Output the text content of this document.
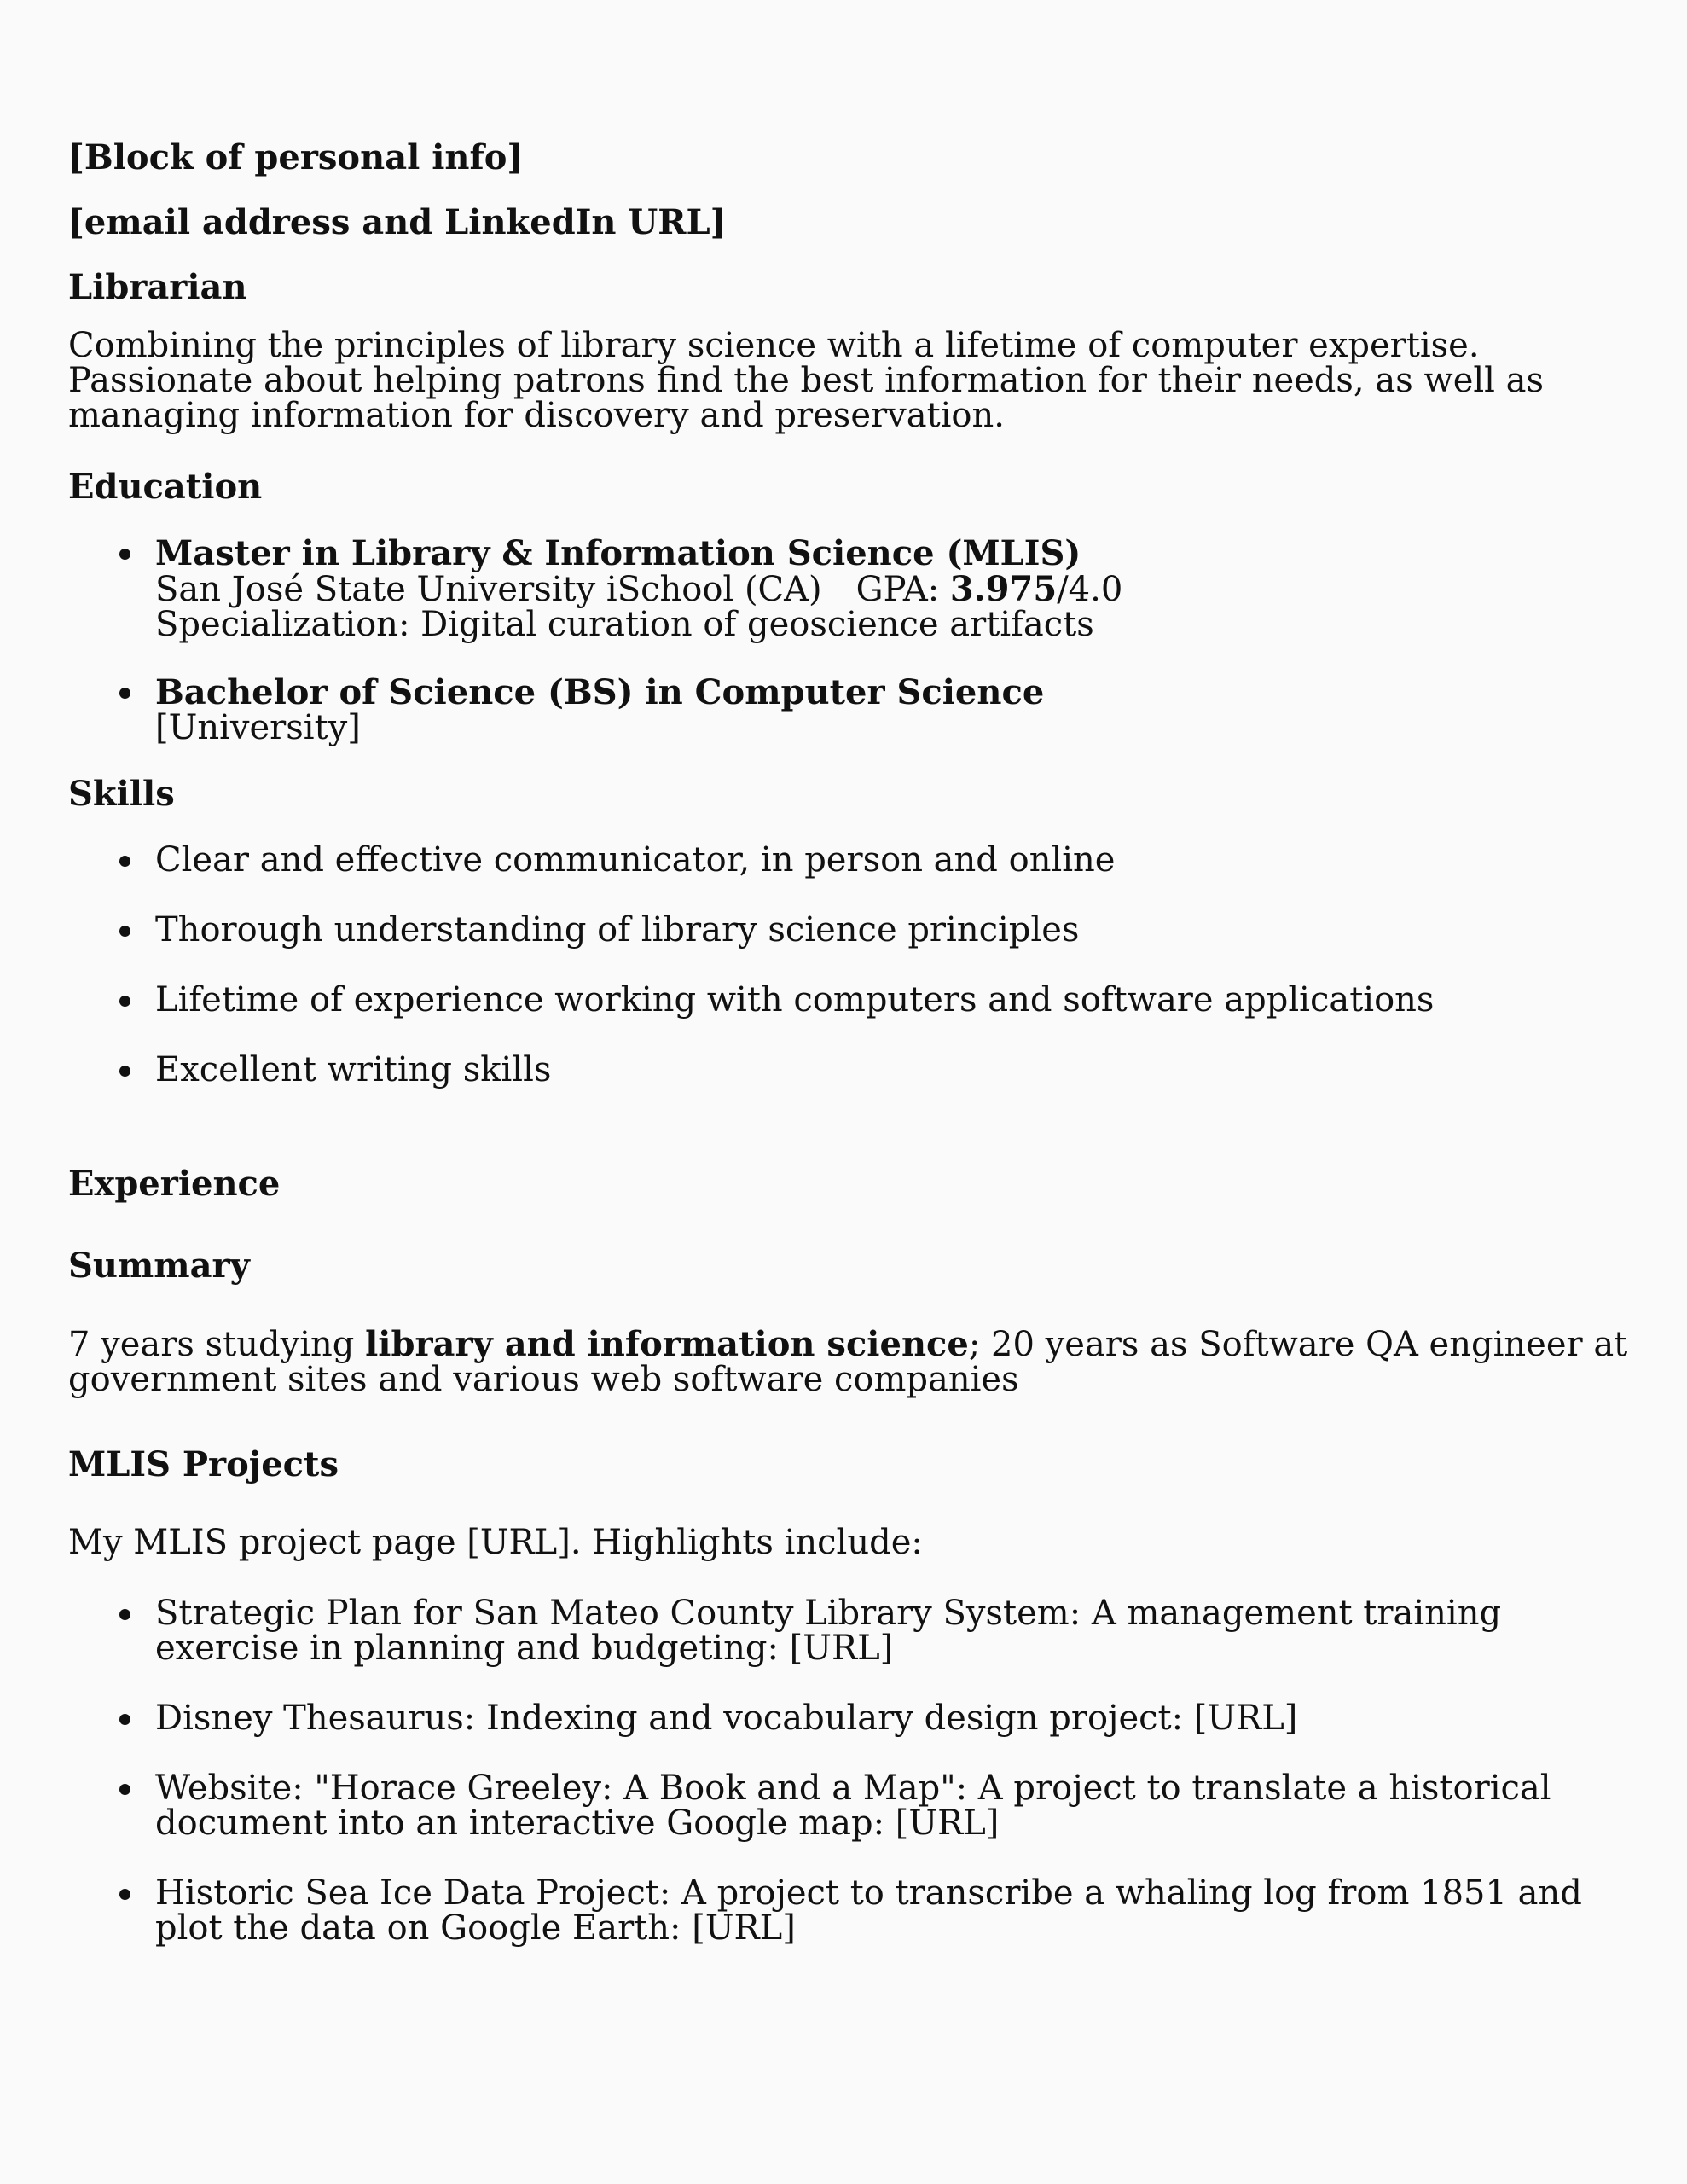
[Block of personal info]
[email address and LinkedIn URL]
Librarian

Combining the principles of library science with a lifetime of computer expertise. Passionate about helping patrons find the best information for their needs, as well as managing information for discovery and preservation.

Education
Master in Library & Information Science (MLIS)
San José State University iSchool (CA) GPA: 3.975/4.0
Specialization: Digital curation of geoscience artifacts
Bachelor of Science (BS) in Computer Science
[University]
Skills
Clear and effective communicator, in person and online
Thorough understanding of library science principles
Lifetime of experience working with computers and software applications
Excellent writing skills
Experience
Summary

7 years studying library and information science; 20 years as Software QA engineer at government sites and various web software companies

MLIS Projects

My MLIS project page [URL]. Highlights include:

Strategic Plan for San Mateo County Library System: A management training exercise in planning and budgeting: [URL]
Disney Thesaurus: Indexing and vocabulary design project: [URL]
Website: "Horace Greeley: A Book and a Map": A project to translate a historical document into an interactive Google map: [URL]
Historic Sea Ice Data Project: A project to transcribe a whaling log from 1851 and plot the data on Google Earth: [URL]
